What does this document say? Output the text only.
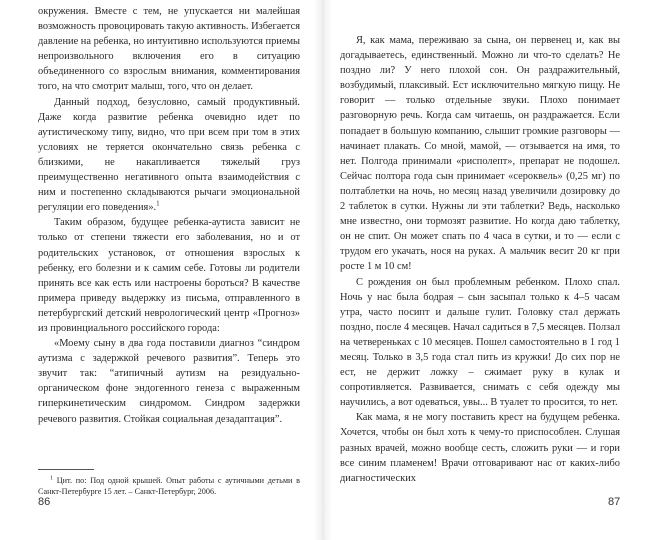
окружения. Вместе с тем, не упускается ни малейшая возможность провоцировать такую активность. Избегается давление на ребенка, но интуитивно используются приемы непроизвольного включения его в ситуацию объединенного со взрослым внимания, комментирования того, на что смотрит малыш, того, что он делает.

Данный подход, безусловно, самый продуктивный. Даже когда развитие ребенка очевидно идет по аутистическому типу, видно, что при всем при том в этих условиях не теряется окончательно связь ребенка с близкими, не накапливается тяжелый груз преимущественно негативного опыта взаимодействия с ним и постепенно складываются рычаги эмоциональной регуляции его поведения».$^1$

Таким образом, будущее ребенка-аутиста зависит не только от степени тяжести его заболевания, но и от родительских установок, от отношения взрослых к ребенку, его болезни и к самим себе. Готовы ли родители принять все как есть или настроены бороться? В качестве примера приведу выдержку из письма, отправленного в петербургский детский неврологический центр «Прогноз» из провинциального российского города:

«Моему сыну в два года поставили диагноз “синдром аутизма с задержкой речевого развития”. Теперь это звучит так: “атипичный аутизм на резидуально-органическом фоне эндогенного генеза с выраженным гиперкинетическим синдромом. Синдром задержки речевого развития. Стойкая социальная дезадаптация”.

$^1$ Цит. по: Под одной крышей. Опыт работы с аутичными детьми в Санкт-Петербурге 15 лет. – Санкт-Петербург, 2006.
86

Я, как мама, переживаю за сына, он первенец и, как вы догадываетесь, единственный. Можно ли что-то сделать? Не поздно ли? У него плохой сон. Он раздражительный, возбудимый, плаксивый. Ест исключительно мягкую пищу. Не говорит — только отдельные звуки. Плохо понимает разговорную речь. Когда сам читаешь, он раздражается. Если попадает в большую компанию, слышит громкие разговоры — начинает плакать. Со мной, мамой, — отзывается на имя, то нет. Полгода принимали «рисполепт», препарат не подошел. Сейчас полтора года сын принимает «сероквель» (0,25 мг) по полтаблетки на ночь, но месяц назад увеличили дозировку до 2 таблеток в сутки. Нужны ли эти таблетки? Ведь, насколько мне известно, они тормозят развитие. Но когда даю таблетку, он не спит. Он может спать по 4 часа в сутки, и то — если с трудом его укачать, нося на руках. А мальчик весит 20 кг при росте 1 м 10 см!

С рождения он был проблемным ребенком. Плохо спал. Ночь у нас была бодрая – сын засыпал только к 4–5 часам утра, часто посипт и дальше гулит. Головку стал держать поздно, после 4 месяцев. Начал садиться в 7,5 месяцев. Ползал на четвереньках с 10 месяцев. Пошел самостоятельно в 1 год 1 месяц. Только в 3,5 года стал пить из кружки! До сих пор не ест, не держит ложку – сжимает руку в кулак и сопротивляется. Развивается, снимать с себя одежду мы научились, а вот одеваться, увы... В туалет то просится, то нет.

Как мама, я не могу поставить крест на будущем ребенка. Хочется, чтобы он был хоть к чему-то приспособлен. Слушая разных врачей, можно вообще сесть, сложить руки — и гори все синим пламенем! Врачи отговаривают нас от каких-либо диагностических

87
